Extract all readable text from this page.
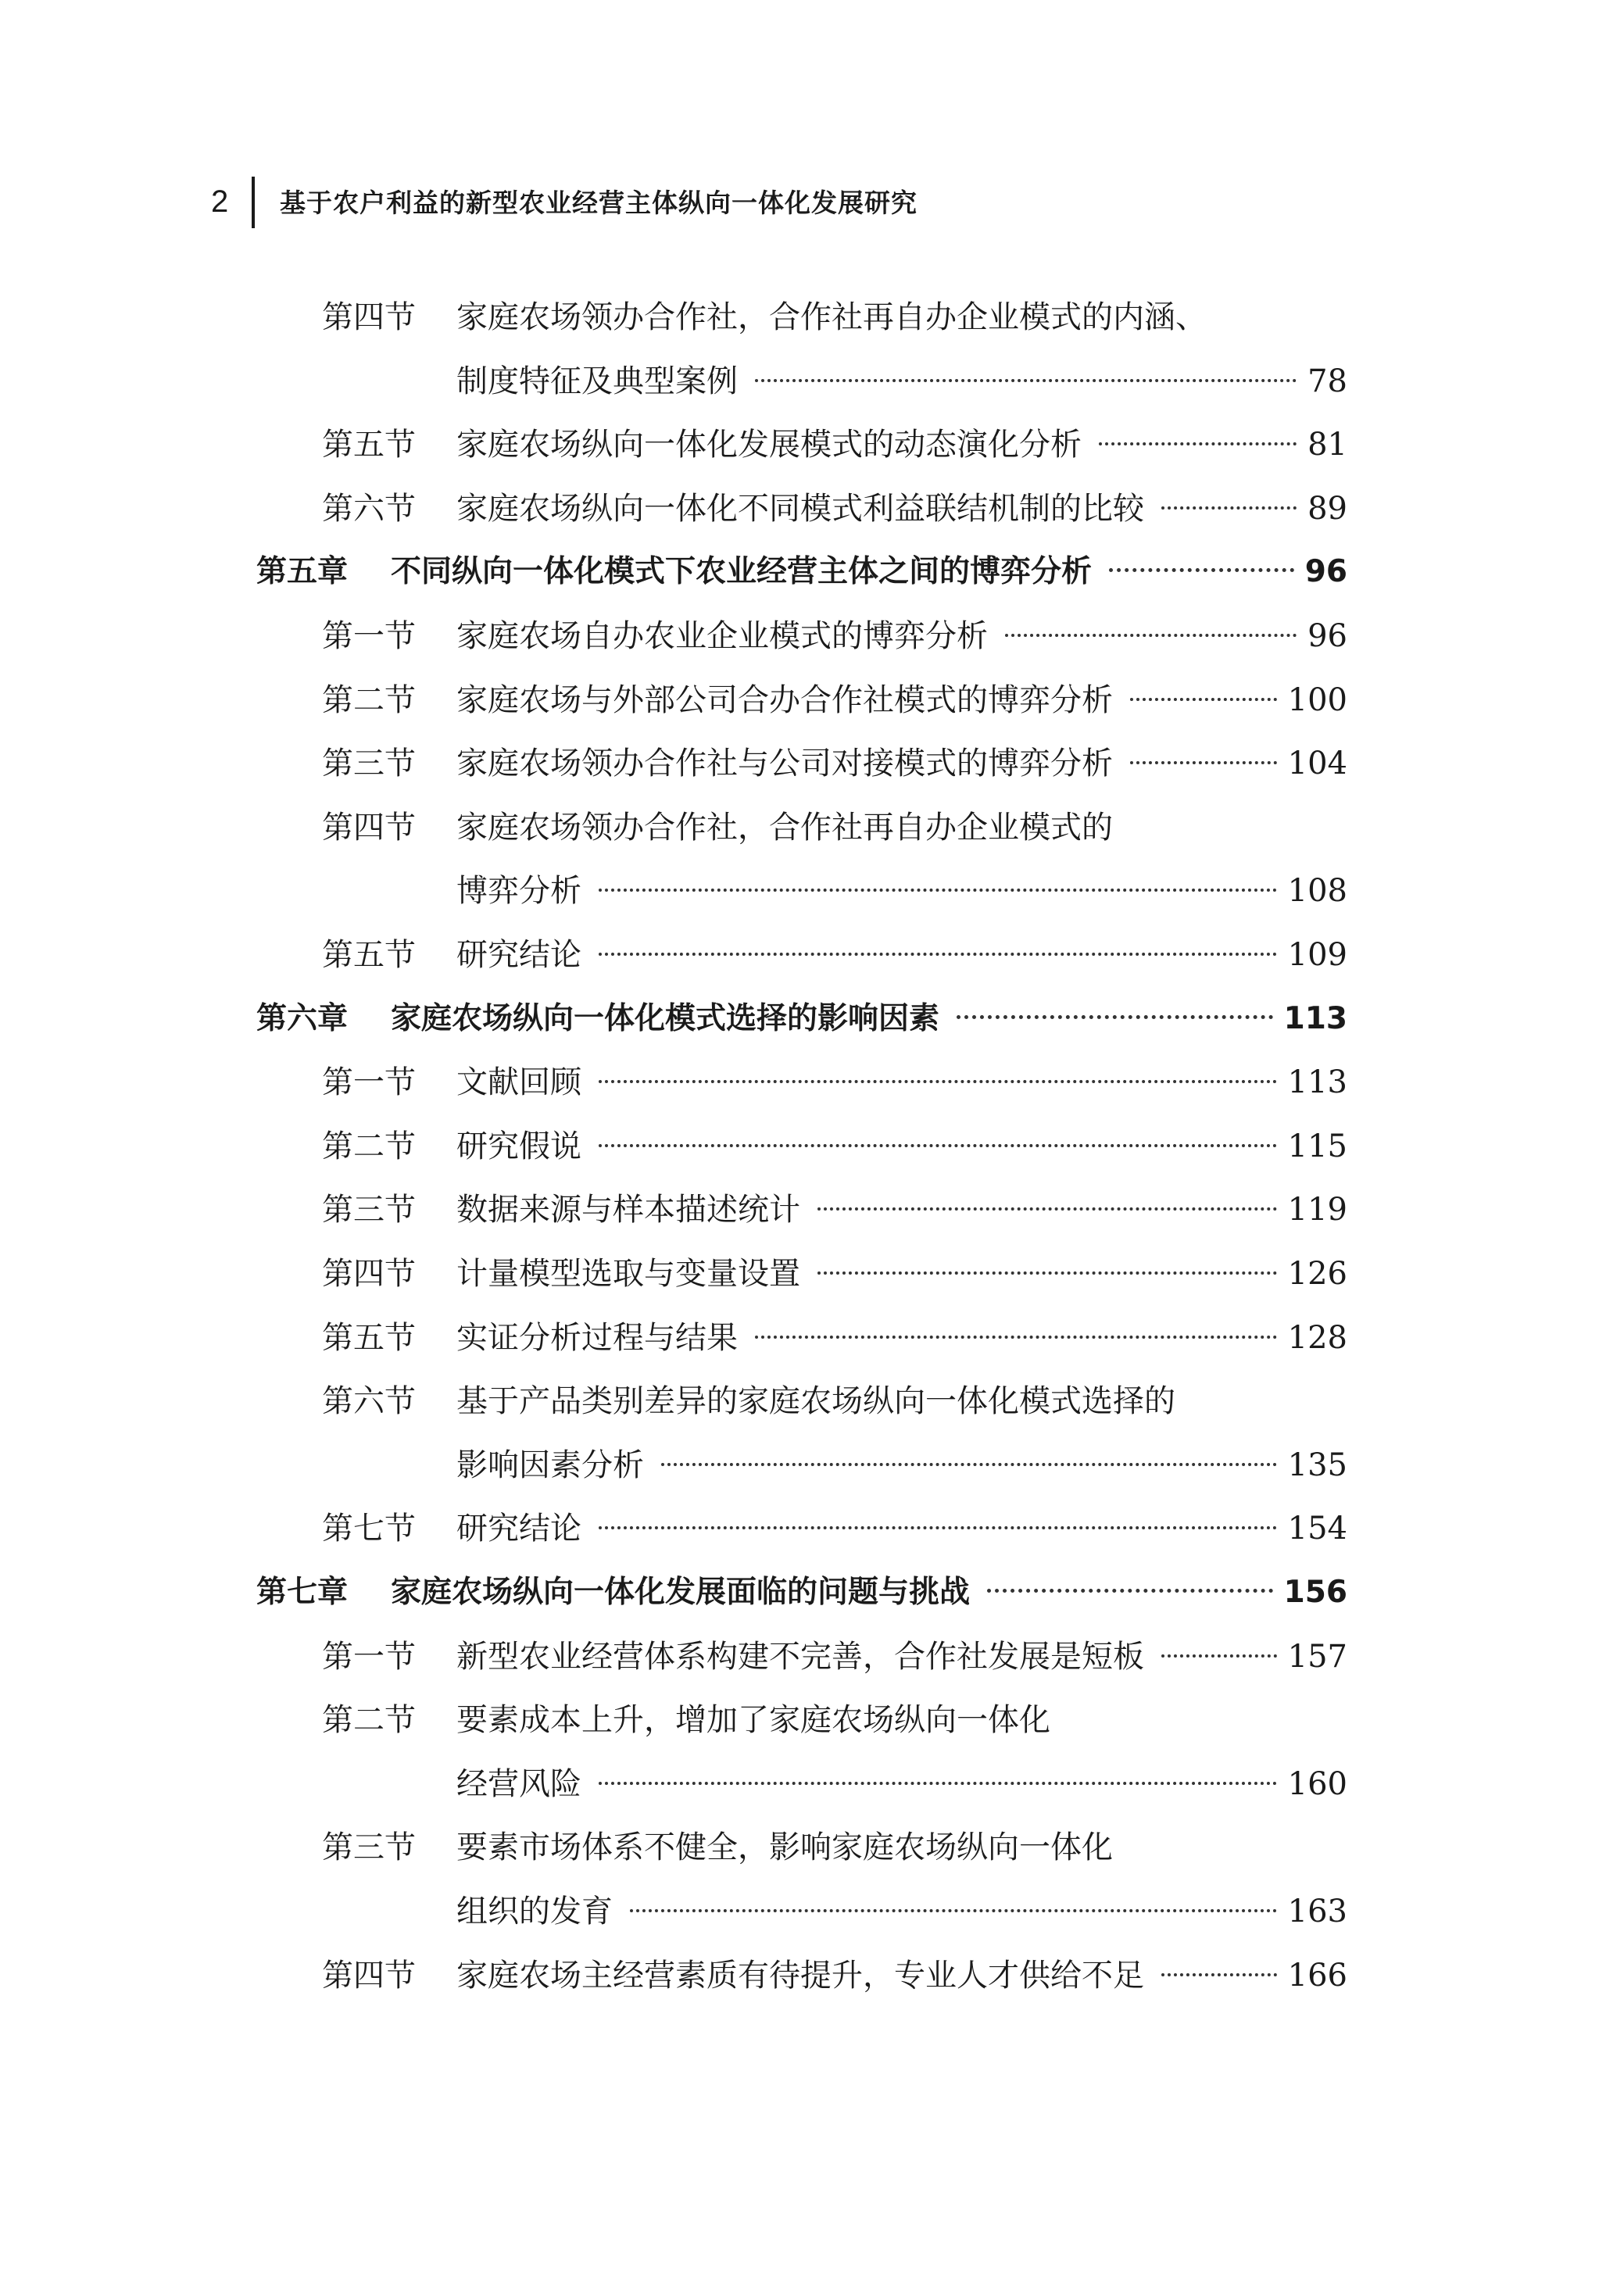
2 基于农户利益的新型农业经营主体纵向一体化发展研究
第四节	家庭农场领办合作社，合作社再自办企业模式的内涵、
制度特征及典型案例	78
第五节	家庭农场纵向一体化发展模式的动态演化分析	81
第六节	家庭农场纵向一体化不同模式利益联结机制的比较	89
第五章	不同纵向一体化模式下农业经营主体之间的博弈分析	96
第一节	家庭农场自办农业企业模式的博弈分析	96
第二节	家庭农场与外部公司合办合作社模式的博弈分析	100
第三节	家庭农场领办合作社与公司对接模式的博弈分析	104
第四节	家庭农场领办合作社，合作社再自办企业模式的
博弈分析	108
第五节	研究结论	109
第六章	家庭农场纵向一体化模式选择的影响因素	113
第一节	文献回顾	113
第二节	研究假说	115
第三节	数据来源与样本描述统计	119
第四节	计量模型选取与变量设置	126
第五节	实证分析过程与结果	128
第六节	基于产品类别差异的家庭农场纵向一体化模式选择的
影响因素分析	135
第七节	研究结论	154
第七章	家庭农场纵向一体化发展面临的问题与挑战	156
第一节	新型农业经营体系构建不完善，合作社发展是短板	157
第二节	要素成本上升，增加了家庭农场纵向一体化
经营风险	160
第三节	要素市场体系不健全，影响家庭农场纵向一体化
组织的发育	163
第四节	家庭农场主经营素质有待提升，专业人才供给不足	166
